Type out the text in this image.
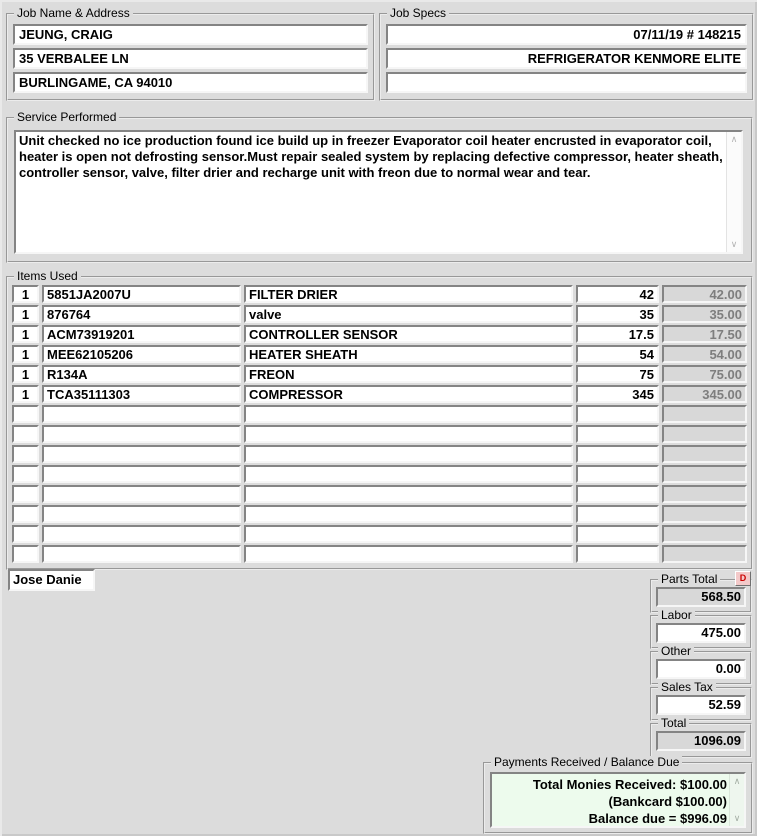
Job Name & Address
JEUNG, CRAIG
35 VERBALEE LN
BURLINGAME, CA 94010
Job Specs
07/11/19 # 148215
REFRIGERATOR KENMORE ELITE
Service Performed
Unit checked no ice production found ice build up in freezer Evaporator coil heater encrusted in evaporator coil, heater is open not defrosting sensor.Must repair sealed system by replacing defective compressor, heater sheath, controller sensor, valve, filter drier and recharge unit with freon due to normal wear and tear.
∧
∨
Items Used
1	5851JA2007U	FILTER DRIER	42	42.00
1	876764	valve	35	35.00
1	ACM73919201	CONTROLLER SENSOR	17.5	17.50
1	MEE62105206	HEATER SHEATH	54	54.00
1	R134A	FREON	75	75.00
1	TCA35111303	COMPRESSOR	345	345.00
Jose Danie	Parts Total	D
568.50
Labor
475.00
Other
0.00
Sales Tax
52.59
Total
1096.09
Payments Received / Balance Due
Total Monies Received: $100.00
(Bankcard $100.00)
Balance due = $996.09
∧
∨
